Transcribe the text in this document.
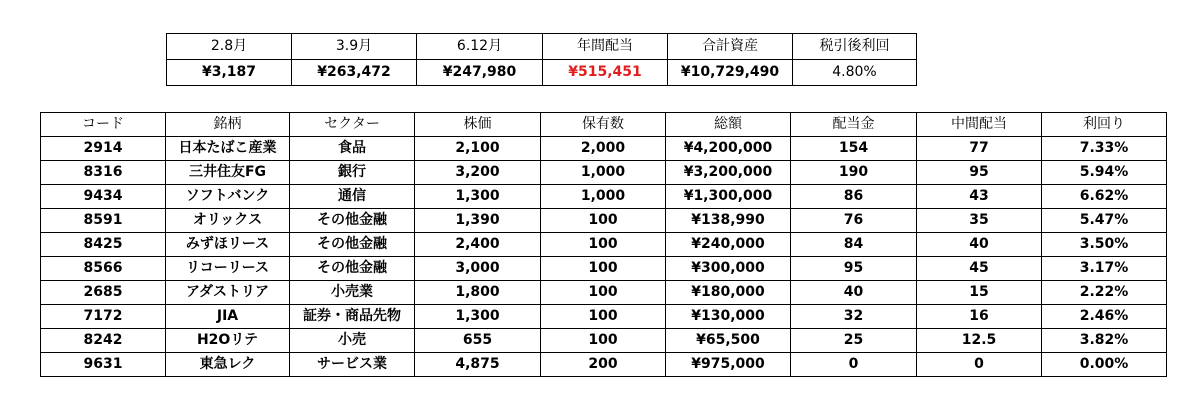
2.8月	3.9月	6.12月	年間配当	合計資産	税引後利回
¥3,187	¥263,472	¥247,980	¥515,451	¥10,729,490	4.80%
コード	銘柄	セクター	株価	保有数	総額	配当金	中間配当	利回り
2914	日本たばこ産業	食品	2,100	2,000	¥4,200,000	154	77	7.33%
8316	三井住友FG	銀行	3,200	1,000	¥3,200,000	190	95	5.94%
9434	ソフトバンク	通信	1,300	1,000	¥1,300,000	86	43	6.62%
8591	オリックス	その他金融	1,390	100	¥138,990	76	35	5.47%
8425	みずほリース	その他金融	2,400	100	¥240,000	84	40	3.50%
8566	リコーリース	その他金融	3,000	100	¥300,000	95	45	3.17%
2685	アダストリア	小売業	1,800	100	¥180,000	40	15	2.22%
7172	JIA	証券・商品先物	1,300	100	¥130,000	32	16	2.46%
8242	H2Oリテ	小売	655	100	¥65,500	25	12.5	3.82%
9631	東急レク	サービス業	4,875	200	¥975,000	0	0	0.00%
